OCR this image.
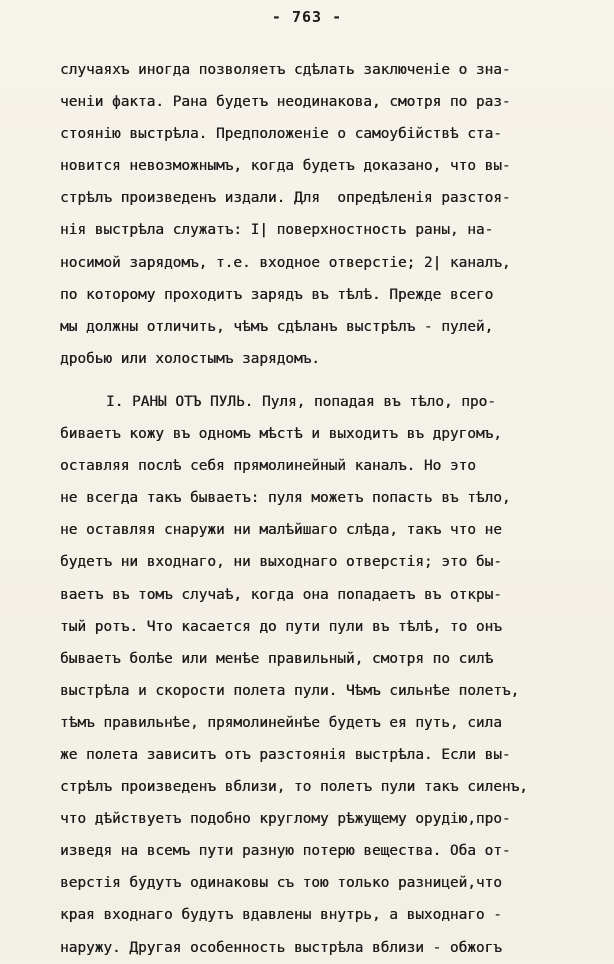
- 763 -
случаяхъ иногда позволяетъ сдѣлать заключеніе о зна-
ченіи факта. Рана будетъ неодинакова, смотря по раз-
стоянію выстрѣла. Предположеніе о самоубійствѣ ста-
новится невозможнымъ, когда будетъ доказано, что вы-
стрѣлъ произведенъ издали. Для  опредѣленія разстоя-
нія выстрѣла служатъ: I| поверхностность раны, на-
носимой зарядомъ, т.е. входное отверстіе; 2| каналъ,
по которому проходитъ зарядъ въ тѣлѣ. Прежде всего
мы должны отличить, чѣмъ сдѣланъ выстрѣлъ - пулей,
дробью или холостымъ зарядомъ.
I. РАНЫ ОТЪ ПУЛЬ. Пуля, попадая въ тѣло, про-
биваетъ кожу въ одномъ мѣстѣ и выходитъ въ другомъ,
оставляя послѣ себя прямолинейный каналъ. Но это
не всегда такъ бываетъ: пуля можетъ попасть въ тѣло,
не оставляя снаружи ни малѣйшаго слѣда, такъ что не
будетъ ни входнаго, ни выходнаго отверстія; это бы-
ваетъ въ томъ случаѣ, когда она попадаетъ въ откры-
тый ротъ. Что касается до пути пули въ тѣлѣ, то онъ
бываетъ болѣе или менѣе правильный, смотря по силѣ
выстрѣла и скорости полета пули. Чѣмъ сильнѣе полетъ,
тѣмъ правильнѣе, прямолинейнѣе будетъ ея путь, сила
же полета зависитъ отъ разстоянія выстрѣла. Если вы-
стрѣлъ произведенъ вблизи, то полетъ пули такъ силенъ,
что дѣйствуетъ подобно круглому рѣжущему орудію,про-
изведя на всемъ пути разную потерю вещества. Оба от-
верстія будутъ одинаковы съ тою только разницей,что
края входнаго будутъ вдавлены внутрь, а выходнаго -
наружу. Другая особенность выстрѣла вблизи - обжогъ
